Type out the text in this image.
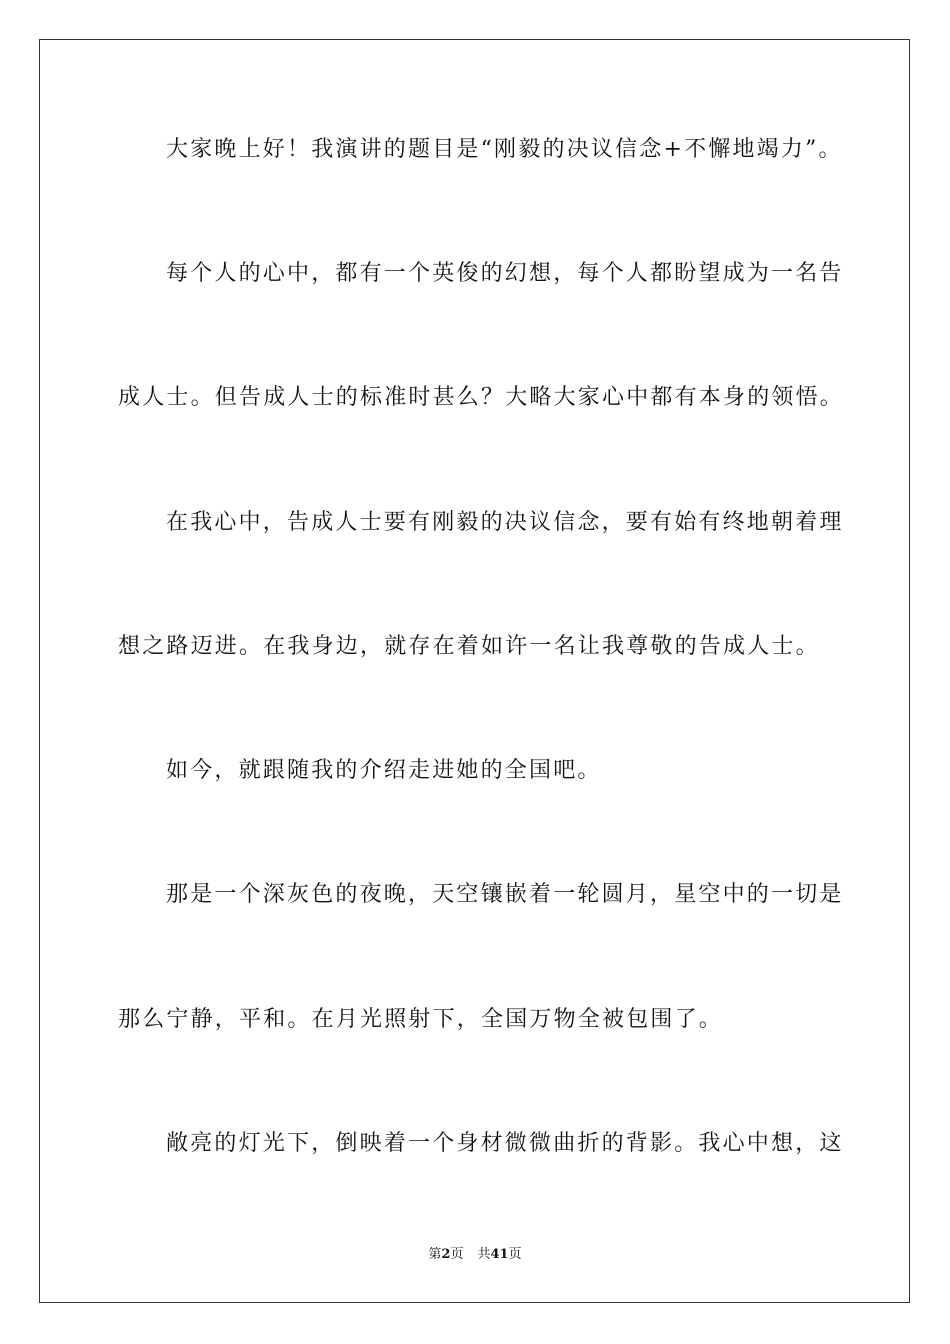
大家晚上好！我演讲的题目是“刚毅的决议信念+不懈地竭力”。
每个人的心中，都有一个英俊的幻想，每个人都盼望成为一名告
成人士。但告成人士的标准时甚么？大略大家心中都有本身的领悟。
在我心中，告成人士要有刚毅的决议信念，要有始有终地朝着理
想之路迈进。在我身边，就存在着如许一名让我尊敬的告成人士。
如今，就跟随我的介绍走进她的全国吧。
那是一个深灰色的夜晚，天空镶嵌着一轮圆月，星空中的一切是
那么宁静，平和。在月光照射下，全国万物全被包围了。
敞亮的灯光下，倒映着一个身材微微曲折的背影。我心中想，这
第2页 共41页
